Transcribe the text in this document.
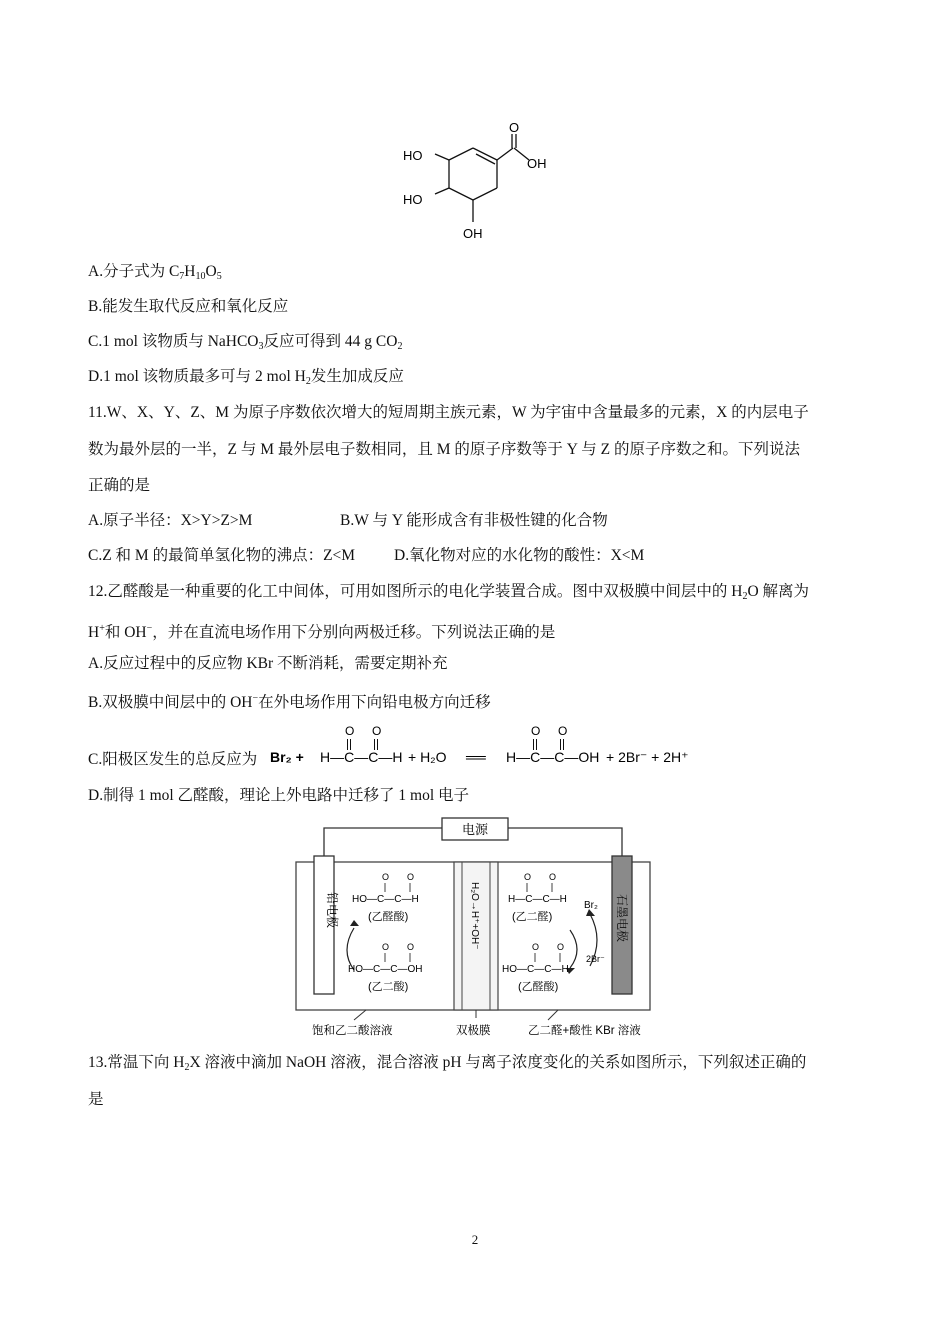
O
OH
HO
HO
OH
A.分子式为 $C_7H_{10}O_5$
B.能发生取代反应和氧化反应
C.1 mol 该物质与 NaHCO$_3$反应可得到 44 g $CO_2$
D.1 mol 该物质最多可与 2 mol $H_2$发生加成反应
11.W、X、Y、Z、M 为原子序数依次增大的短周期主族元素，W 为宇宙中含量最多的元素，X 的内层电子
数为最外层的一半，Z 与 M 最外层电子数相同，且 M 的原子序数等于 Y 与 Z 的原子序数之和。下列说法
正确的是
A.原子半径：X>Y>Z>M	B.W 与 Y 能形成含有非极性键的化合物
C.Z 和 M 的最简单氢化物的沸点：Z<M	D.氧化物对应的水化物的酸性：X<M
12.乙醛酸是一种重要的化工中间体，可用如图所示的电化学装置合成。图中双极膜中间层中的 $H_2O$ 解离为
H+和 OH−，并在直流电场作用下分别向两极迁移。下列说法正确的是
A.反应过程中的反应物 KBr 不断消耗，需要定期补充
B.双极膜中间层中的 OH−在外电场作用下向铅电极方向迁移
C.阳极区发生的总反应为 Br₂ + H—C—C—H
O O
+ H₂O ══ H—C—C—OH
O O
+ 2Br⁻ + 2H⁺
D.制得 1 mol 乙醛酸，理论上外电路中迁移了 1 mol 电子
电源
H₂O→H⁺+OH⁻
铅电极	石墨电极
O O
HO—C—C—H
(乙醛酸)
O O
HO—C—C—OH
(乙二酸)
O O
H—C—C—H
(乙二醛)
Br₂
2Br⁻
O O
HO—C—C—H
(乙醛酸)
饱和乙二酸溶液	双极膜	乙二醛+酸性 KBr 溶液
13.常温下向 $H_2X$ 溶液中滴加 NaOH 溶液，混合溶液 pH 与离子浓度变化的关系如图所示，下列叙述正确的
是
2
